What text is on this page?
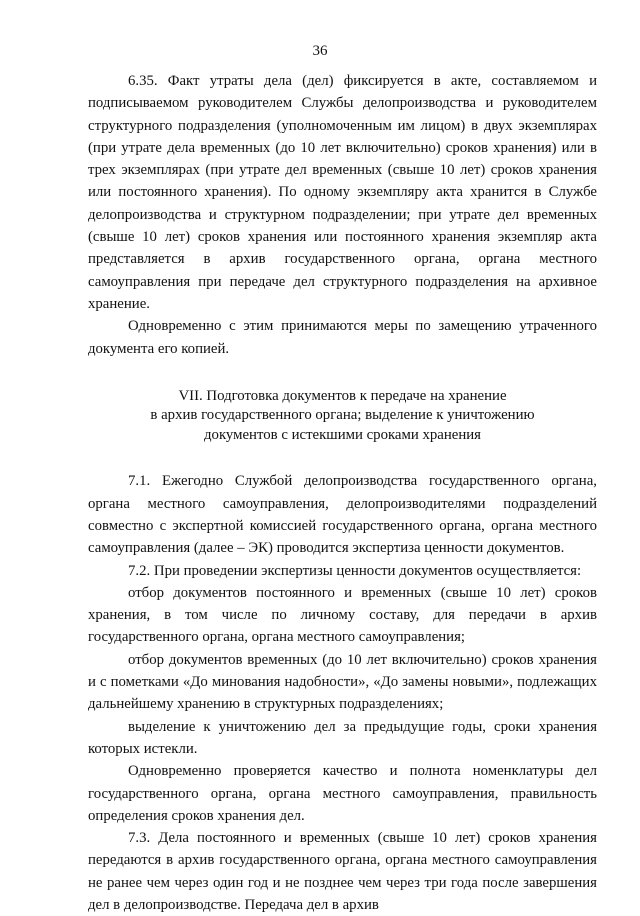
36

6.35. Факт утраты дела (дел) фиксируется в акте, составляемом и подписываемом руководителем Службы делопроизводства и руководителем структурного подразделения (уполномоченным им лицом) в двух экземплярах (при утрате дела временных (до 10 лет включительно) сроков хранения) или в трех экземплярах (при утрате дел временных (свыше 10 лет) сроков хранения или постоянного хранения). По одному экземпляру акта хранится в Службе делопроизводства и структурном подразделении; при утрате дел временных (свыше 10 лет) сроков хранения или постоянного хранения экземпляр акта представляется в архив государственного органа, органа местного самоуправления при передаче дел структурного подразделения на архивное хранение.

Одновременно с этим принимаются меры по замещению утраченного документа его копией.

VII. Подготовка документов к передаче на хранение
в архив государственного органа; выделение к уничтожению
документов с истекшими сроками хранения

7.1. Ежегодно Службой делопроизводства государственного органа, органа местного самоуправления, делопроизводителями подразделений совместно с экспертной комиссией государственного органа, органа местного самоуправления (далее – ЭК) проводится экспертиза ценности документов.

7.2. При проведении экспертизы ценности документов осуществляется:

отбор документов постоянного и временных (свыше 10 лет) сроков хранения, в том числе по личному составу, для передачи в архив государственного органа, органа местного самоуправления;

отбор документов временных (до 10 лет включительно) сроков хранения и с пометками «До минования надобности», «До замены новыми», подлежащих дальнейшему хранению в структурных подразделениях;

выделение к уничтожению дел за предыдущие годы, сроки хранения которых истекли.

Одновременно проверяется качество и полнота номенклатуры дел государственного органа, органа местного самоуправления, правильность определения сроков хранения дел.

7.3. Дела постоянного и временных (свыше 10 лет) сроков хранения передаются в архив государственного органа, органа местного самоуправления не ранее чем через один год и не позднее чем через три года после завершения дел в делопроизводстве. Передача дел в архив
